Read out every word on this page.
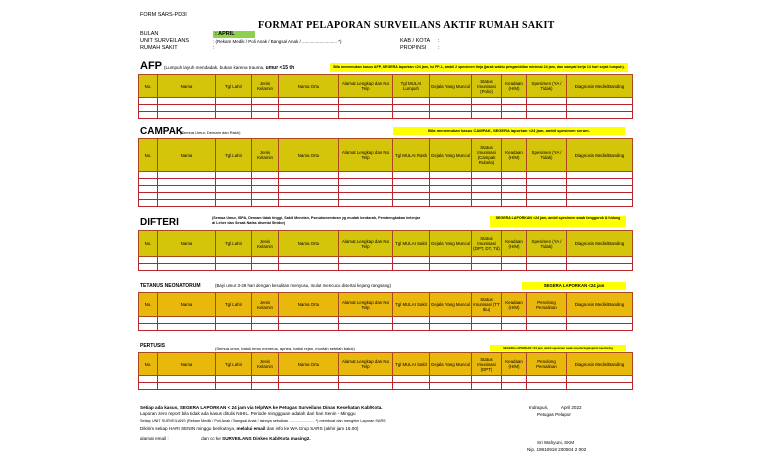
FORM SARS-PD3I
FORMAT PELAPORAN SURVEILANS AKTIF RUMAH SAKIT
BULAN	: APRIL
UNIT SURVEILANS	: (Rekam Medik / Poli Anak / Bangsal Anak / ............................ *)
RUMAH SAKIT	:
KAB / KOTA :
PROPINSI :
AFP (Lumpuh layuh mendadak, bukan karena trauma, umur <15 th	Bila menemukan kasus AFP, SEGERA laporkan <24 jam, isi FP-1, ambil 2 specimen tinja (jarak waktu pengambilan minimal 24 jam, dan sampai kerja 14 hari sejak lumpuh).
No.	Nama	Tgl Lahir	Jenis Kelamin	Nama Ortu	Alamat Lengkap dan No Telp	Tgl MULAI Lumpuh	Gejala Yang Muncul	Status Imunisasi (Polio)	Keadaan (H/M)	Spesimen (YA / Tidak)	Diagnosis Medis/Banding

CAMPAK
(Semua Umur, Demam dan Rash)	Bila menemukan kasus CAMPAK, SEGERA laporkan <24 jam, ambil spesimen serum.
No.	Nama	Tgl Lahir	Jenis Kelamin	Nama Ortu	Alamat Lengkap dan No Telp	Tgl MULAI Rash	Gejala Yang Muncul	Status Imunisasi (Campak Rubela)	Keadaan (H/M)	Spesimen (YA / Tidak)	Diagnosis Medis/Banding

DIFTERI	(Semua Umur, ISPA, Demam tidak tinggi, Sakit Menelan, Pseudomembran yg mudah berdarah, Pembengkakan kelenjar di Leher dan Sesak Nafas disertai Stridor)
SEGERA LAPORKAN <24 jam, ambil spesimen swab tenggorok & hidung
No.	Nama	Tgl Lahir	Jenis Kelamin	Nama Ortu	Alamat Lengkap dan No Telp	Tgl MULAI Sakit	Gejala Yang Muncul	Status Imunisasi (DPT, DT, Td)	Keadaan (H/M)	Spesimen (YA / Tidak)	Diagnosis Medis/Banding

TETANUS NEONATORUM	(Bayi umur 3-28 hari dengan kesulitan menyusu, mulut mencucu disertai kejang rangsang)	SEGERA LAPORKAN <24 jam
No.	Nama	Tgl Lahir	Jenis Kelamin	Nama Ortu	Alamat Lengkap dan No Telp	Tgl MULAI Sakit	Gejala Yang Muncul	Status Imunisasi (TT Ibu)	Keadaan (H/M)	Penolong Persalinan	Diagnosis Medis/Banding

PERTUSIS	(Semua umur, batuk terus menerus, apnea, batuk rejan, muntah setelah batuk)	SEGERA LAPORKAN <24 jam, ambil spesimen swab nasofaring/aspirat nasofaring
No.	Nama	Tgl Lahir	Jenis Kelamin	Nama Ortu	Alamat Lengkap dan No Telp	Tgl MULAI Sakit	Gejala Yang Muncul	Status Imunisasi (DPT)	Keadaan (H/M)	Penolong Persalinan	Diagnosis Medis/Banding

Setiap ada kasus, SEGERA LAPORKAN < 24 jam via telp/WA ke Petugas Surveilans Dinas Kesehatan Kab/Kota.
Laporan zero report bila tidak ada kasus ditulis NIHIL. Periode minggguan adalah dari hari Senin - Minggu
Setiap UNIT SURVEILANS (Rekam Medik / Poli Anak / Bangsal Anak / lainnya sebutkan ........................ *) membuat dan mengirim Laporan SARS
Dikirim setiap HARI SENIN minggu berikutnya, melalui email dan info ke WA Grup SARS (akhir jam 16.00)
alamat email :	dan cc ke SURVEILANS Dinkes Kab/Kota masing2.
Indrapuri,          April 2022
Petugas Pelapor
Sri Wahyuni, SKM
Nip. 19810918 200504 2 002
